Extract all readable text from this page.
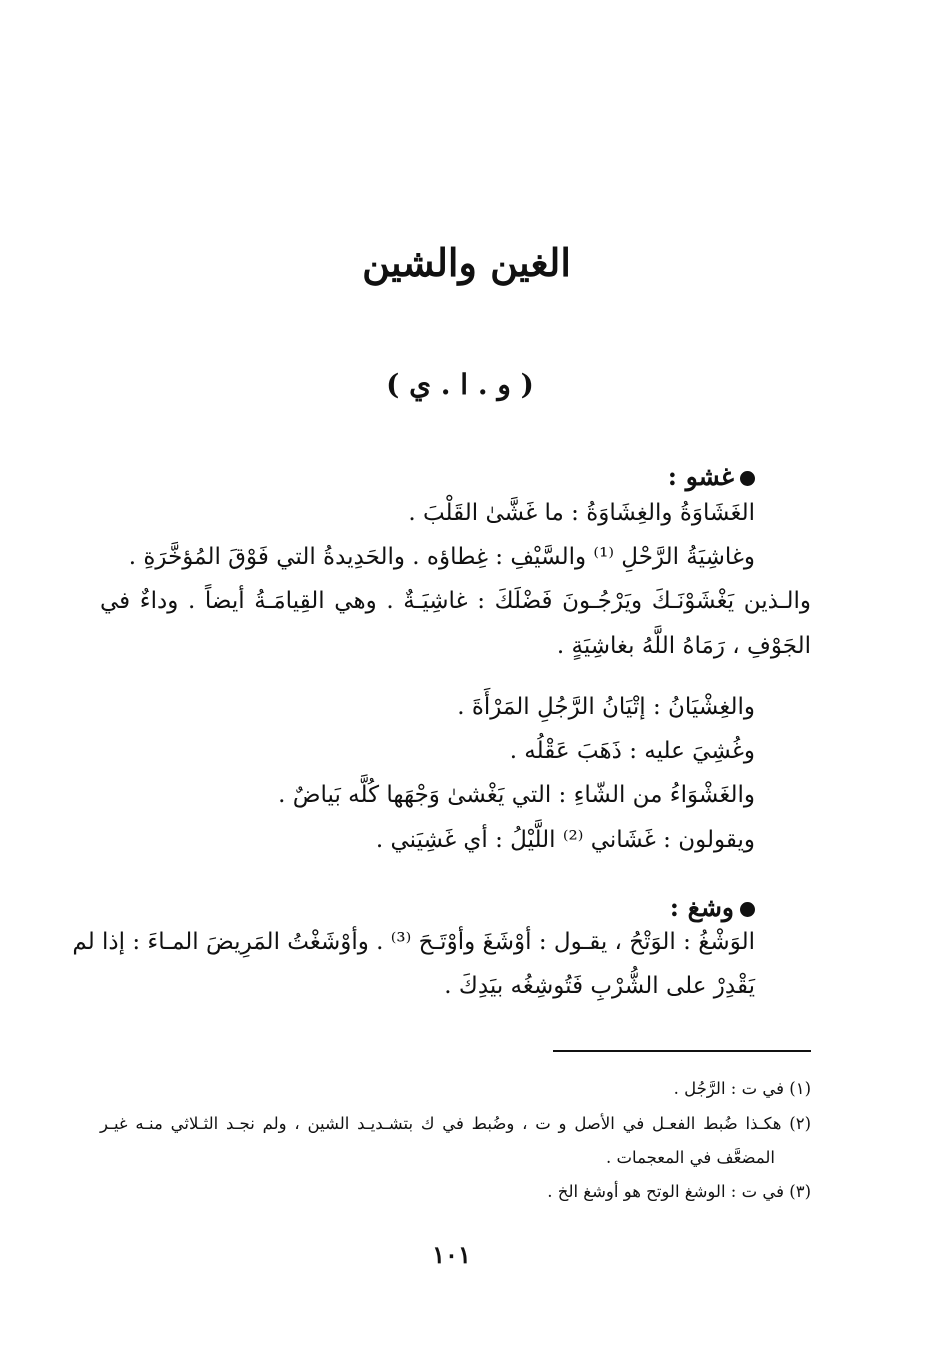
الغين والشين
( و . ا . ي )
غشو :
الغَشَاوَةُ والغِشَاوَةُ : ما غَشَّىٰ القَلْبَ .
وغاشِيَةُ الرَّحْلِ ⁽¹⁾ والسَّيْفِ : غِطاؤه . والحَدِيدةُ التي فَوْقَ المُؤخَّرَةِ .
والـذين يَغْشَوْنَـكَ ويَرْجُـونَ فَضْلَكَ : غاشِيَـةٌ . وهي القِيامَـةُ أيضاً . وداءٌ في
الجَوْفِ ، رَمَاهُ اللَّهُ بغاشِيَةٍ .
والغِشْيَانُ : إتْيَانُ الرَّجُلِ المَرْأَةَ .
وغُشِيَ عليه : ذَهَبَ عَقْلُه .
والغَشْوَاءُ من الشّاءِ : التي يَغْشىٰ وَجْهَها كُلَّه بَياضٌ .
ويقولون : غَشَاني ⁽²⁾ اللَّيْلُ : أي غَشِيَني .
وشغ :
الوَشْغُ : الوَتْحُ ، يقـول : أوْشَغَ وأوْتَـحَ ⁽³⁾ . وأوْشَغْتُ المَرِيضَ المـاءَ : إذا لم
يَقْدِرْ على الشُّرْبِ فَتُوشِغُه بيَدِكَ .
(١) في ت : الرَّجُل .
(٢) هكـذا ضُبط الفعـل في الأصل و ت ، وضُبط في ك بتشـديـد الشين ، ولم نجـد الثـلاثي منـه غيـر
المضعَّف في المعجمات .
(٣) في ت : الوشغ الوتح هو أوشغ الخ .
١٠١
